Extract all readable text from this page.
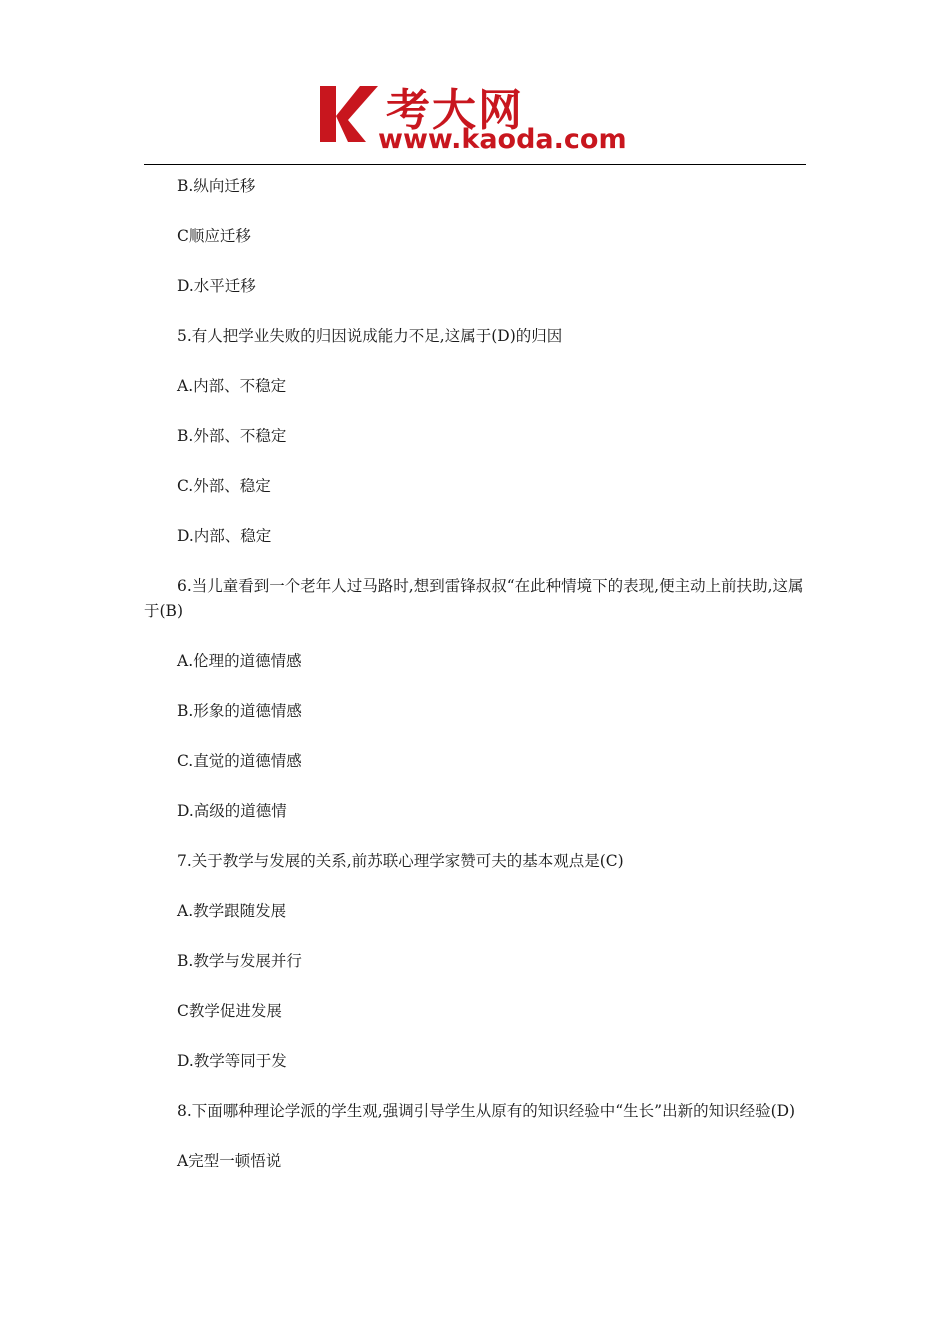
考大网
www.kaoda.com

B.纵向迁移

C顺应迁移

D.水平迁移

5.有人把学业失败的归因说成能力不足,这属于(D)的归因

A.内部、不稳定

B.外部、不稳定

C.外部、稳定

D.内部、稳定

6.当儿童看到一个老年人过马路时,想到雷锋叔叔“在此种情境下的表现,便主动上前扶助,这属于(B)

A.伦理的道德情感

B.形象的道德情感

C.直觉的道德情感

D.高级的道德情

7.关于教学与发展的关系,前苏联心理学家赞可夫的基本观点是(C)

A.教学跟随发展

B.教学与发展并行

C教学促进发展

D.教学等同于发

8.下面哪种理论学派的学生观,强调引导学生从原有的知识经验中“生长”出新的知识经验(D)

A完型一顿悟说
